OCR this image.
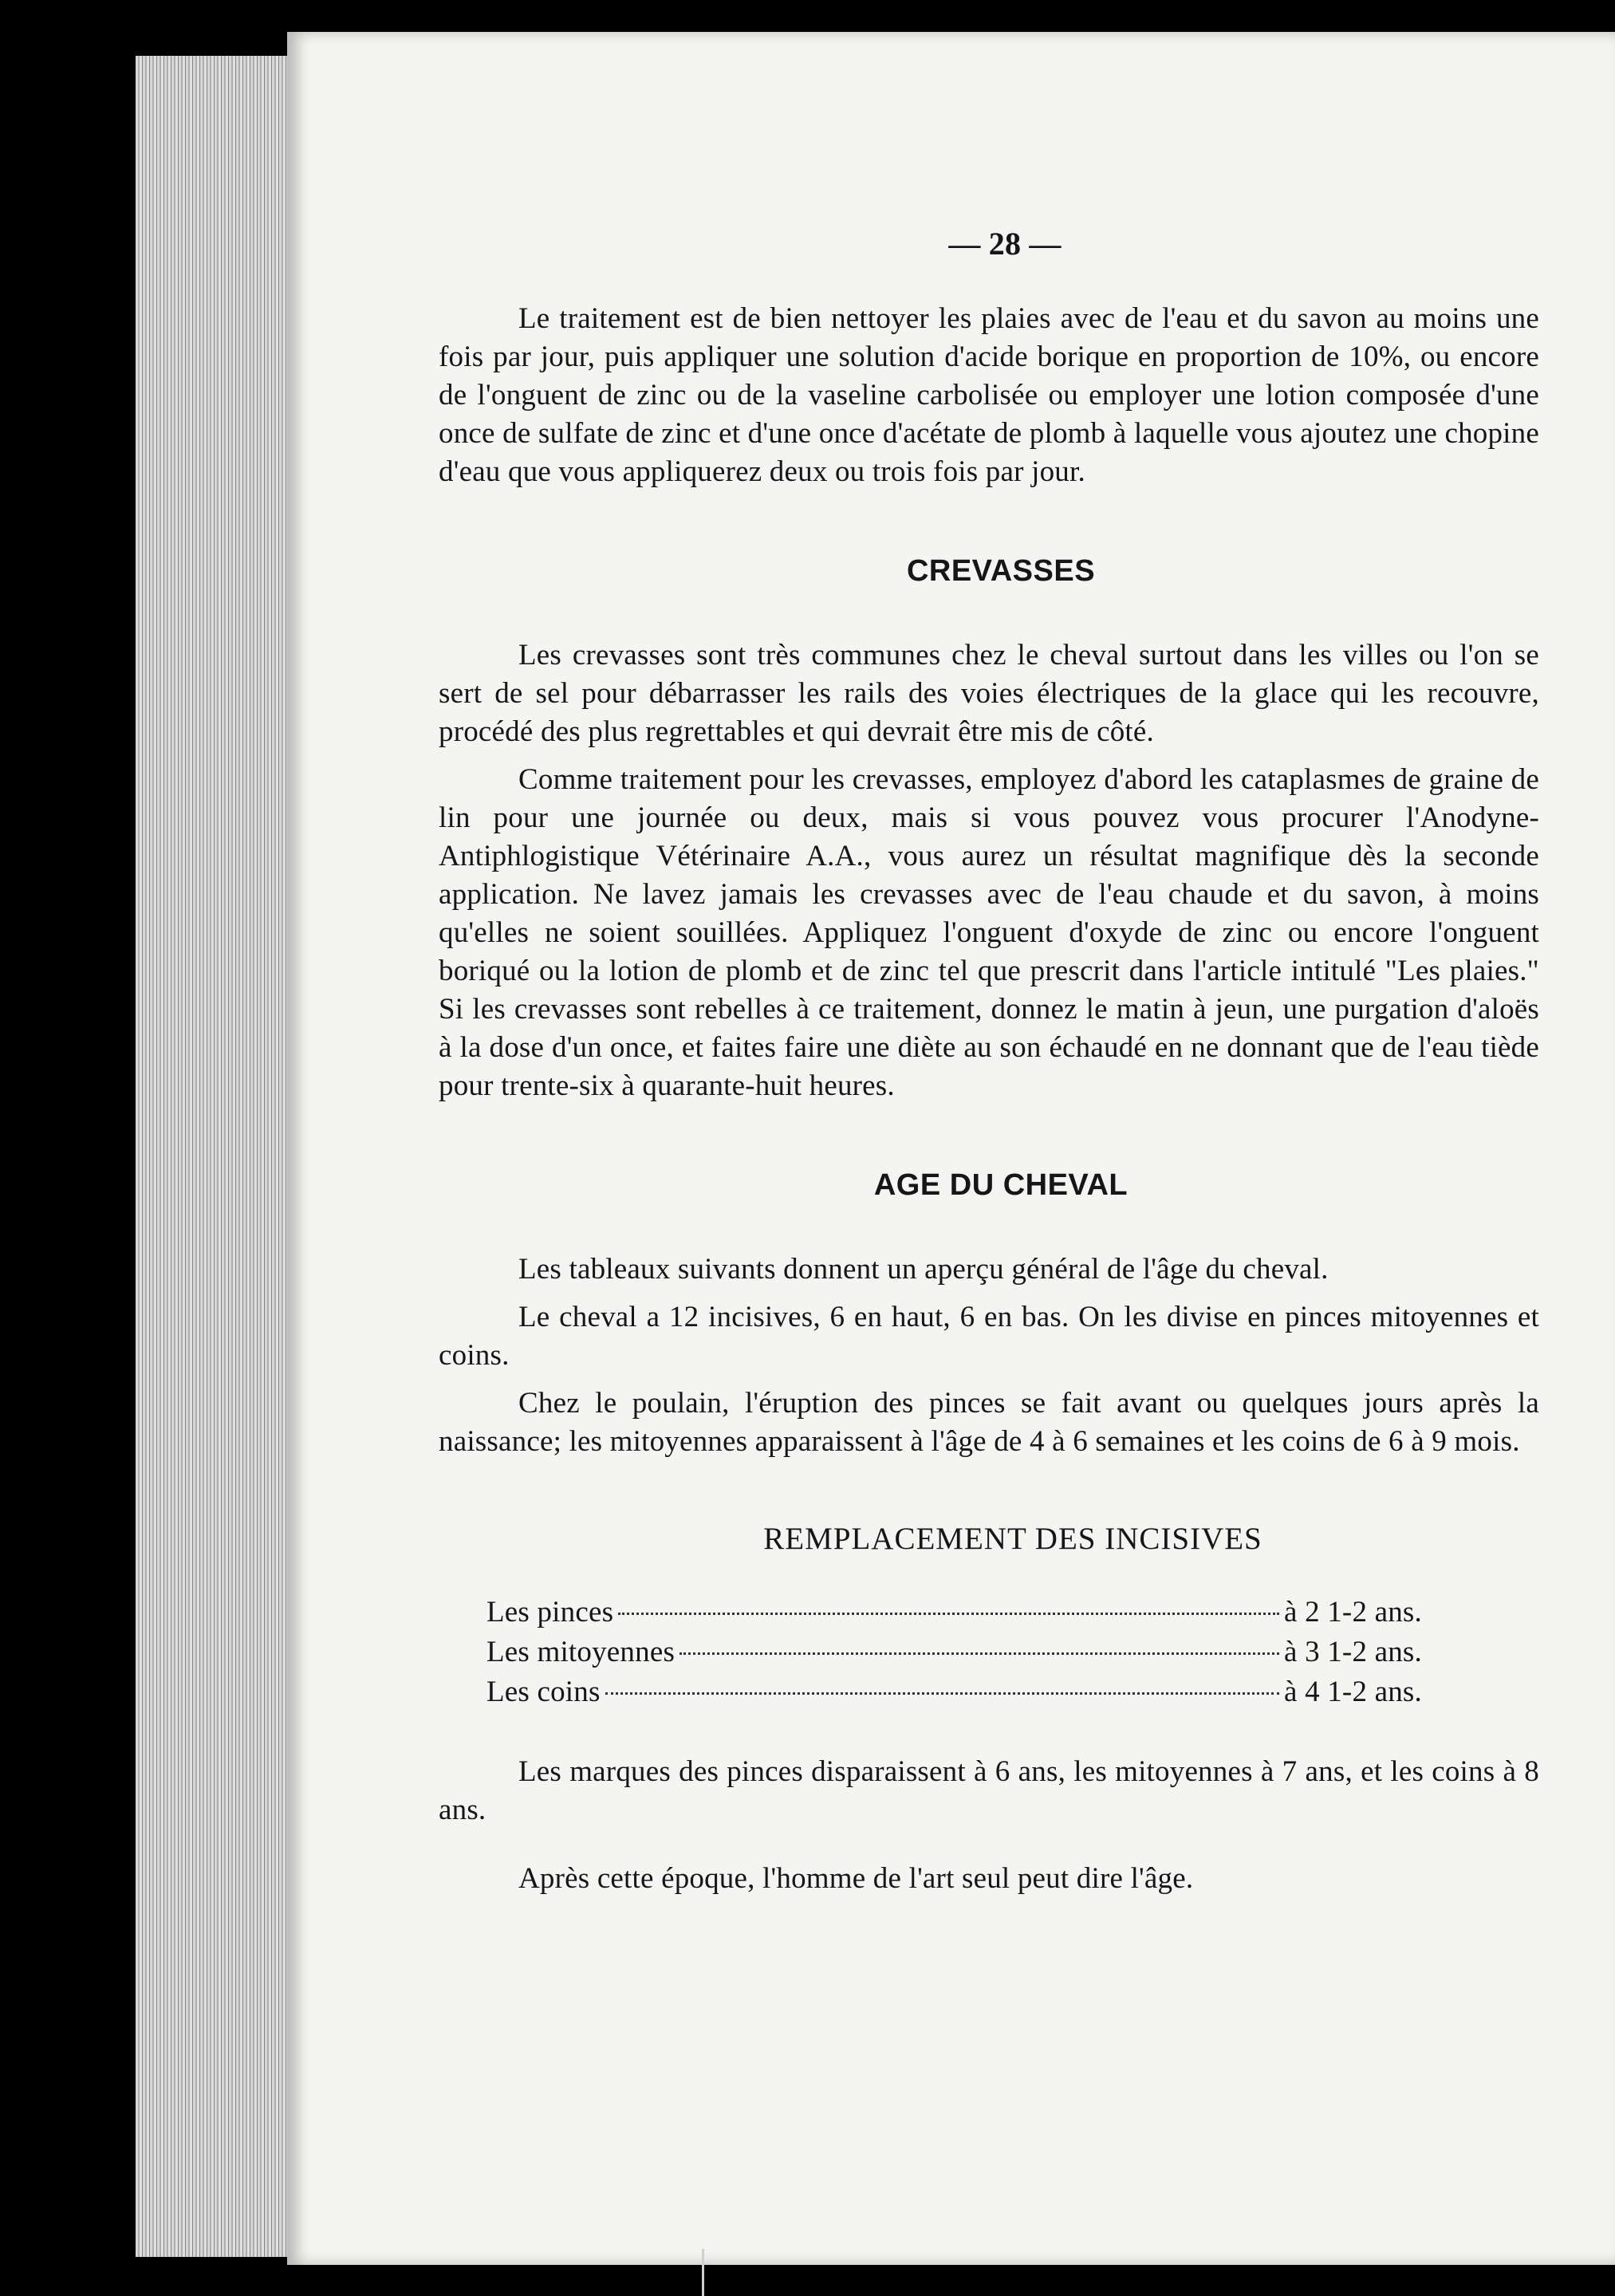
— 28 —

Le traitement est de bien nettoyer les plaies avec de l'eau et du savon au moins une fois par jour, puis appliquer une solution d'acide borique en proportion de 10%, ou encore de l'onguent de zinc ou de la vaseline carbolisée ou employer une lotion composée d'une once de sulfate de zinc et d'une once d'acétate de plomb à laquelle vous ajoutez une chopine d'eau que vous appliquerez deux ou trois fois par jour.

CREVASSES

Les crevasses sont très communes chez le cheval surtout dans les villes ou l'on se sert de sel pour débarrasser les rails des voies électriques de la glace qui les recouvre, procédé des plus regrettables et qui devrait être mis de côté.

Comme traitement pour les crevasses, employez d'abord les cataplasmes de graine de lin pour une journée ou deux, mais si vous pouvez vous procurer l'Anodyne-Antiphlogistique Vétérinaire A.A., vous aurez un résultat magnifique dès la seconde application. Ne lavez jamais les crevasses avec de l'eau chaude et du savon, à moins qu'elles ne soient souillées. Appliquez l'onguent d'oxyde de zinc ou encore l'onguent boriqué ou la lotion de plomb et de zinc tel que prescrit dans l'article intitulé "Les plaies." Si les crevasses sont rebelles à ce traitement, donnez le matin à jeun, une purgation d'aloës à la dose d'un once, et faites faire une diète au son échaudé en ne donnant que de l'eau tiède pour trente-six à quarante-huit heures.

AGE DU CHEVAL

Les tableaux suivants donnent un aperçu général de l'âge du cheval.

Le cheval a 12 incisives, 6 en haut, 6 en bas. On les divise en pinces mitoyennes et coins.

Chez le poulain, l'éruption des pinces se fait avant ou quelques jours après la naissance; les mitoyennes apparaissent à l'âge de 4 à 6 semaines et les coins de 6 à 9 mois.

REMPLACEMENT DES INCISIVES
Les pinces	à 2 1-2 ans.
Les mitoyennes	à 3 1-2 ans.
Les coins	à 4 1-2 ans.

Les marques des pinces disparaissent à 6 ans, les mitoyennes à 7 ans, et les coins à 8 ans.

Après cette époque, l'homme de l'art seul peut dire l'âge.
